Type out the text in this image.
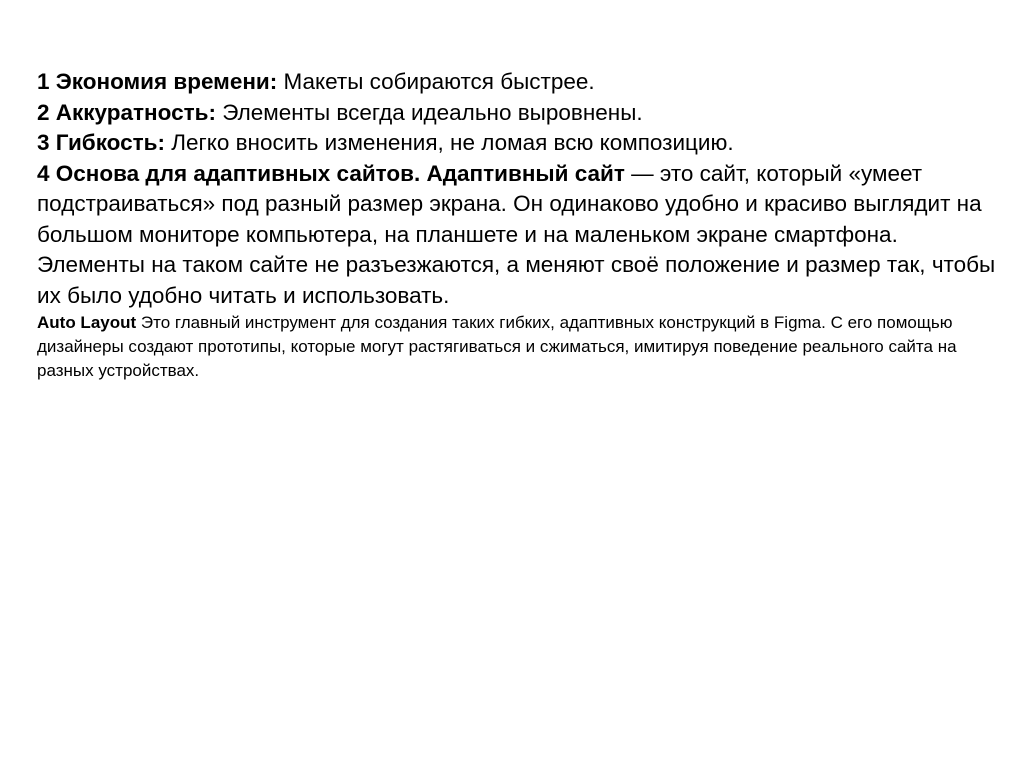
1 Экономия времени: Макеты собираются быстрее.

2 Аккуратность: Элементы всегда идеально выровнены.

3 Гибкость: Легко вносить изменения, не ломая всю композицию.

4 Основа для адаптивных сайтов. Адаптивный сайт — это сайт, который «умеет подстраиваться» под разный размер экрана. Он одинаково удобно и красиво выглядит на большом мониторе компьютера, на планшете и на маленьком экране смартфона. Элементы на таком сайте не разъезжаются, а меняют своё положение и размер так, чтобы их было удобно читать и использовать.

Auto Layout Это главный инструмент для создания таких гибких, адаптивных конструкций в Figma. С его помощью дизайнеры создают прототипы, которые могут растягиваться и сжиматься, имитируя поведение реального сайта на разных устройствах.
